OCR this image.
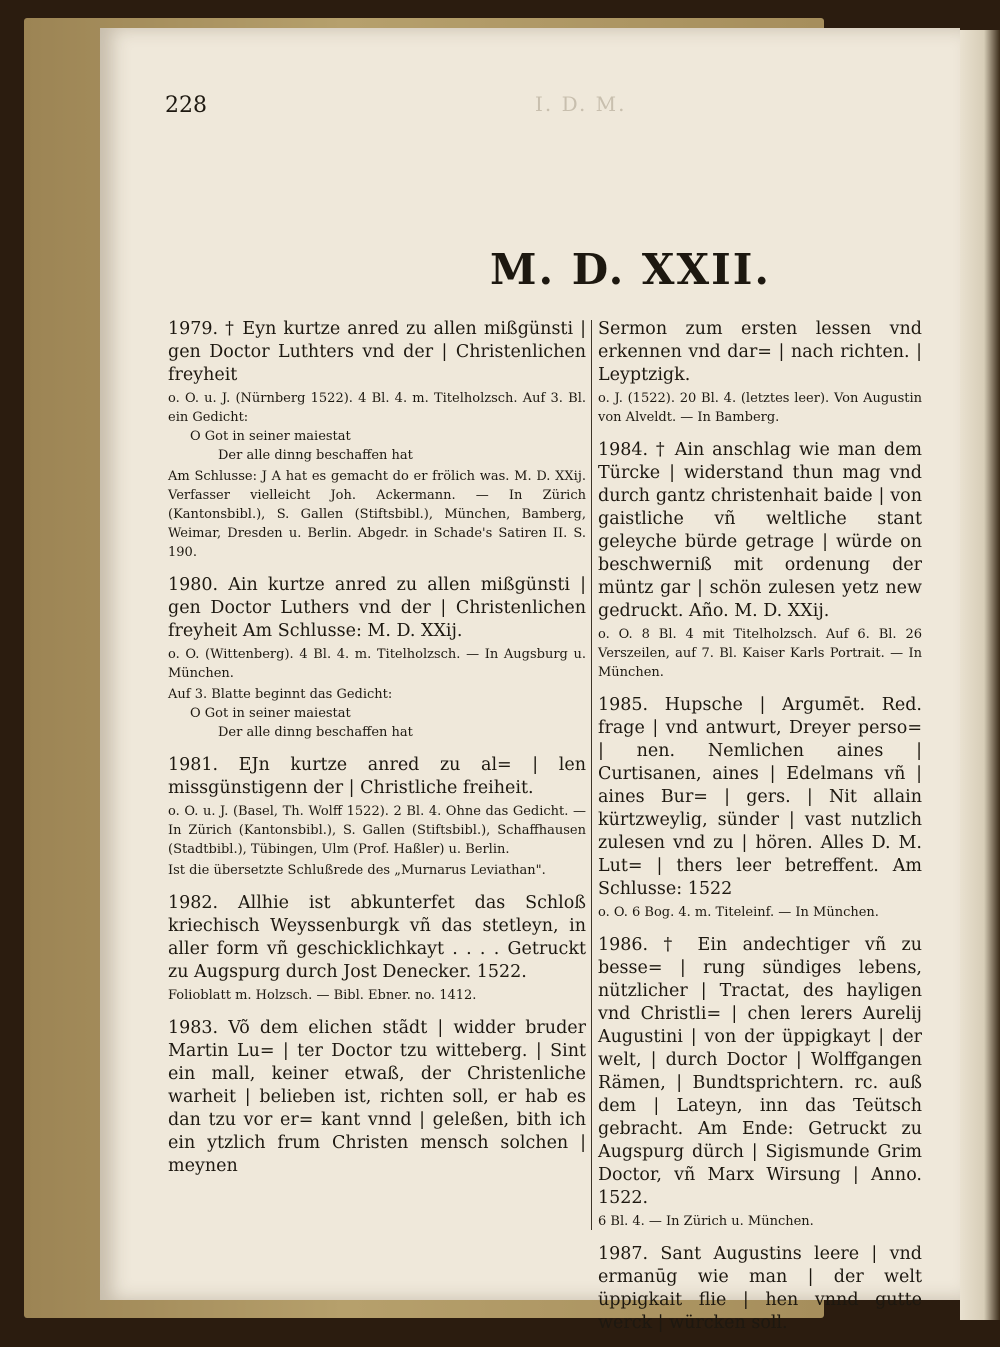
228	I. D. M.
M. D. XXII.
1979. † Eyn kurtze anred zu allen mißgünsti | gen Doctor Luthters vnd der | Christenlichen freyheit
o. O. u. J. (Nürnberg 1522). 4 Bl. 4. m. Titelholzsch. Auf 3. Bl. ein Gedicht:
O Got in seiner maiestat
Der alle dinng beschaffen hat
Am Schlusse: J A hat es gemacht do er frölich was. M. D. XXij. Verfasser vielleicht Joh. Ackermann. — In Zürich (Kantonsbibl.), S. Gallen (Stiftsbibl.), München, Bamberg, Weimar, Dresden u. Berlin. Abgedr. in Schade's Satiren II. S. 190.
1980. Ain kurtze anred zu allen mißgünsti | gen Doctor Luthers vnd der | Christenlichen freyheit Am Schlusse: M. D. XXij.
o. O. (Wittenberg). 4 Bl. 4. m. Titelholzsch. — In Augsburg u. München.
Auf 3. Blatte beginnt das Gedicht:
O Got in seiner maiestat
Der alle dinng beschaffen hat
1981. EJn kurtze anred zu al= | len missgünstigenn der | Christliche freiheit.
o. O. u. J. (Basel, Th. Wolff 1522). 2 Bl. 4. Ohne das Gedicht. — In Zürich (Kantonsbibl.), S. Gallen (Stiftsbibl.), Schaffhausen (Stadtbibl.), Tübingen, Ulm (Prof. Haßler) u. Berlin.
Ist die übersetzte Schlußrede des „Murnarus Leviathan".
1982. Allhie ist abkunterfet das Schloß kriechisch Weyssenburgk vñ das stetleyn, in aller form vñ geschicklichkayt . . . . Getruckt zu Augspurg durch Jost Denecker. 1522.
Folioblatt m. Holzsch. — Bibl. Ebner. no. 1412.
1983. Võ dem elichen stãdt | widder bruder Martin Lu= | ter Doctor tzu witteberg. | Sint ein mall, keiner etwaß, der Christenliche warheit | belieben ist, richten soll, er hab es dan tzu vor er= kant vnnd | geleßen, bith ich ein ytzlich frum Christen mensch solchen | meynen
Sermon zum ersten lessen vnd erkennen vnd dar= | nach richten. | Leyptzigk.
o. J. (1522). 20 Bl. 4. (letztes leer). Von Augustin von Alveldt. — In Bamberg.
1984. † Ain anschlag wie man dem Türcke | widerstand thun mag vnd durch gantz christenhait baide | von gaistliche vñ weltliche stant geleyche bürde getrage | würde on beschwerniß mit ordenung der müntz gar | schön zulesen yetz new gedruckt. Año. M. D. XXij.
o. O. 8 Bl. 4 mit Titelholzsch. Auf 6. Bl. 26 Verszeilen, auf 7. Bl. Kaiser Karls Portrait. — In München.
1985. Hupsche | Argumēt. Red. frage | vnd antwurt, Dreyer perso= | nen. Nemlichen aines | Curtisanen, aines | Edelmans vñ | aines Bur= | gers. | Nit allain kürtzweylig, sünder | vast nutzlich zulesen vnd zu | hören. Alles D. M. Lut= | thers leer betreffent. Am Schlusse: 1522
o. O. 6 Bog. 4. m. Titeleinf. — In München.
1986. † Ein andechtiger vñ zu besse= | rung sündiges lebens, nützlicher | Tractat, des hayligen vnd Christli= | chen lerers Aurelij Augustini | von der üppigkayt | der welt, | durch Doctor | Wolffgangen Rämen, | Bundtsprichtern. rc. auß dem | Lateyn, inn das Teütsch gebracht. Am Ende: Getruckt zu Augspurg dürch | Sigismunde Grim Doctor, vñ Marx Wirsung | Anno. 1522.
6 Bl. 4. — In Zürich u. München.
1987. Sant Augustins leere | vnd ermanūg wie man | der welt üppigkait flie | hen vnnd gutte werck | würcken soll.
